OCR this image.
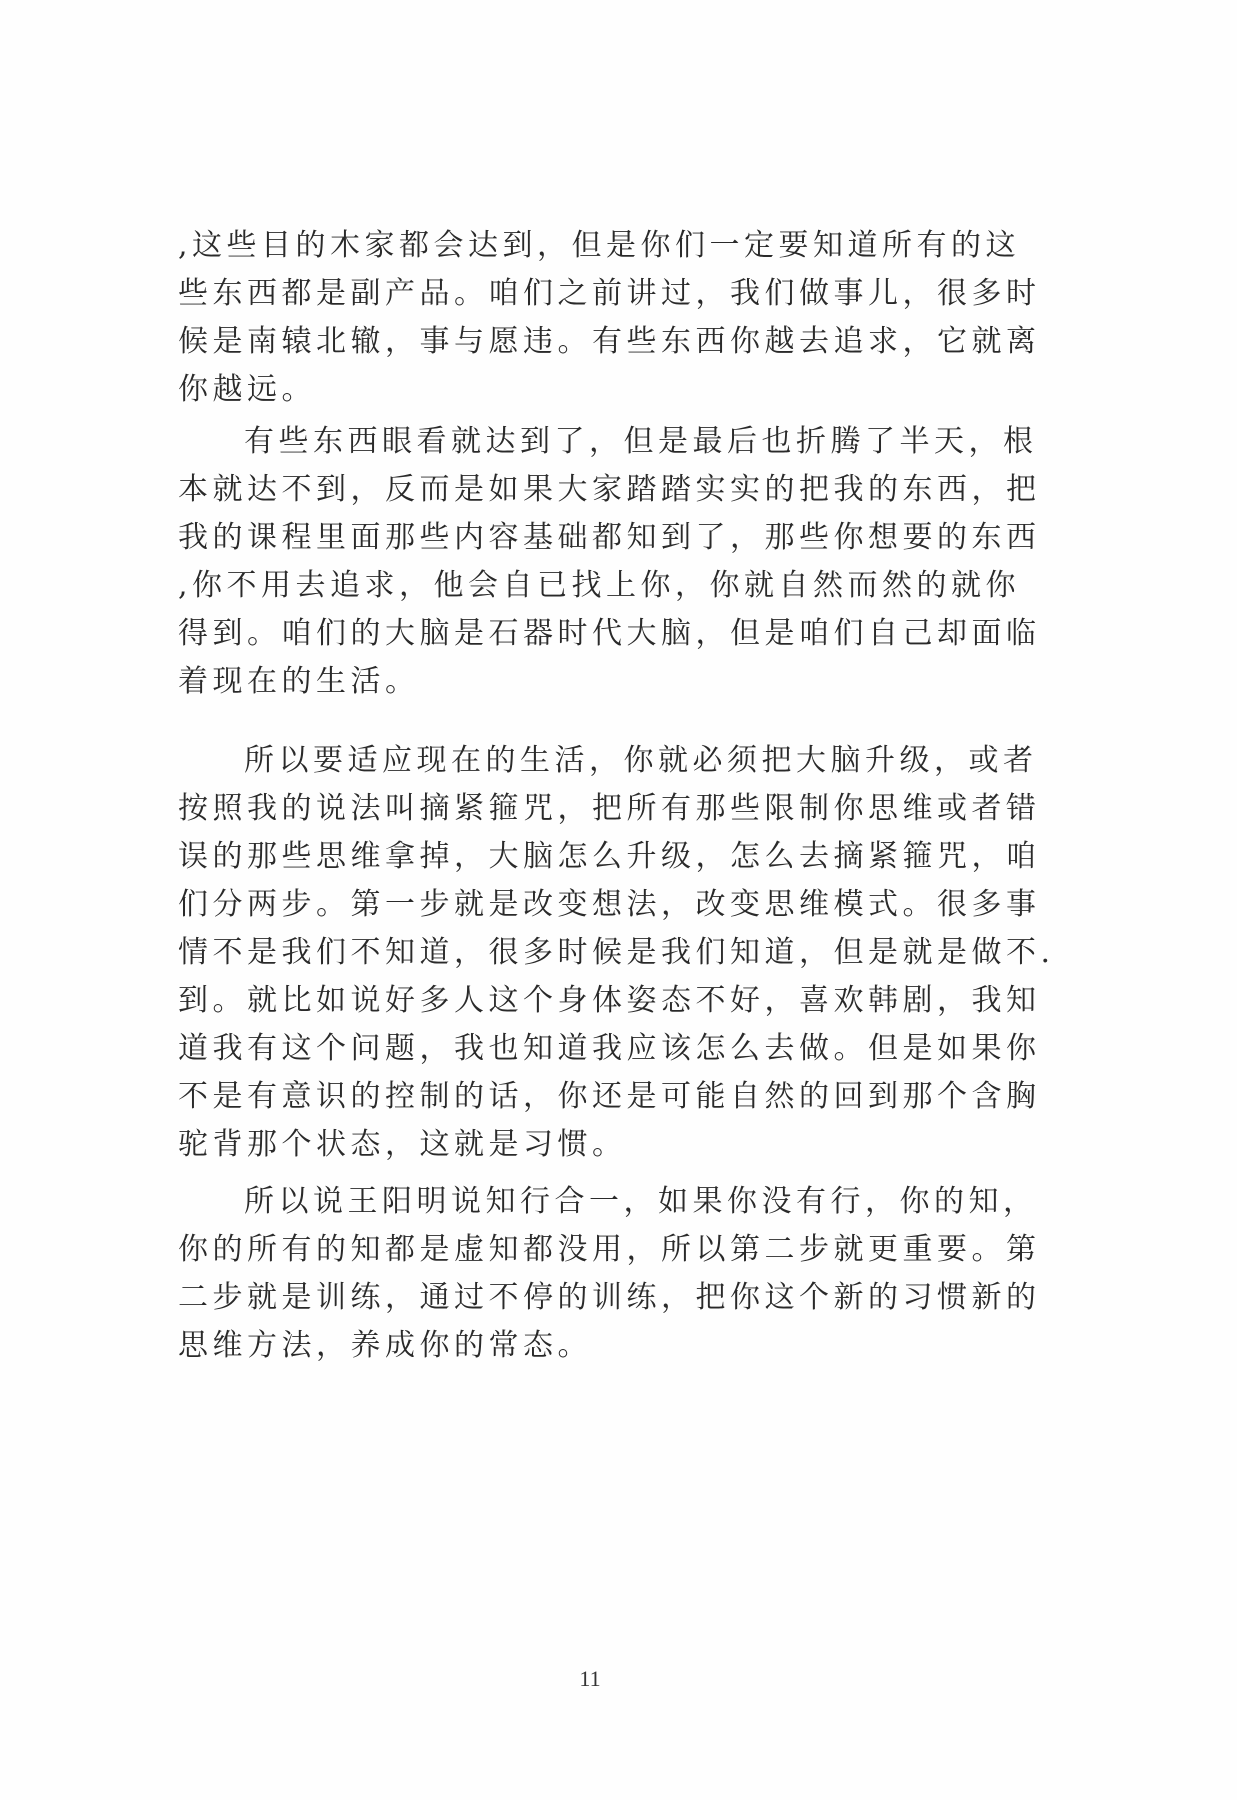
,这些目的木家都会达到，但是你们一定要知道所有的这
些东西都是副产品。咱们之前讲过，我们做事儿，很多时
候是南辕北辙，事与愿违。有些东西你越去追求，它就离
你越远。
有些东西眼看就达到了，但是最后也折腾了半天，根
本就达不到，反而是如果大家踏踏实实的把我的东西，把
我的课程里面那些内容基础都知到了，那些你想要的东西
,你不用去追求，他会自已找上你，你就自然而然的就你
得到。咱们的大脑是石器时代大脑，但是咱们自己却面临
着现在的生活。
所以要适应现在的生活，你就必须把大脑升级，或者
按照我的说法叫摘紧箍咒，把所有那些限制你思维或者错
误的那些思维拿掉，大脑怎么升级，怎么去摘紧箍咒，咱
们分两步。第一步就是改变想法，改变思维模式。很多事
情不是我们不知道，很多时候是我们知道，但是就是做不.
到。就比如说好多人这个身体姿态不好，喜欢韩剧，我知
道我有这个问题，我也知道我应该怎么去做。但是如果你
不是有意识的控制的话，你还是可能自然的回到那个含胸
驼背那个状态，这就是习惯。
所以说王阳明说知行合一，如果你没有行，你的知，
你的所有的知都是虚知都没用，所以第二步就更重要。第
二步就是训练，通过不停的训练，把你这个新的习惯新的
思维方法，养成你的常态。
11
